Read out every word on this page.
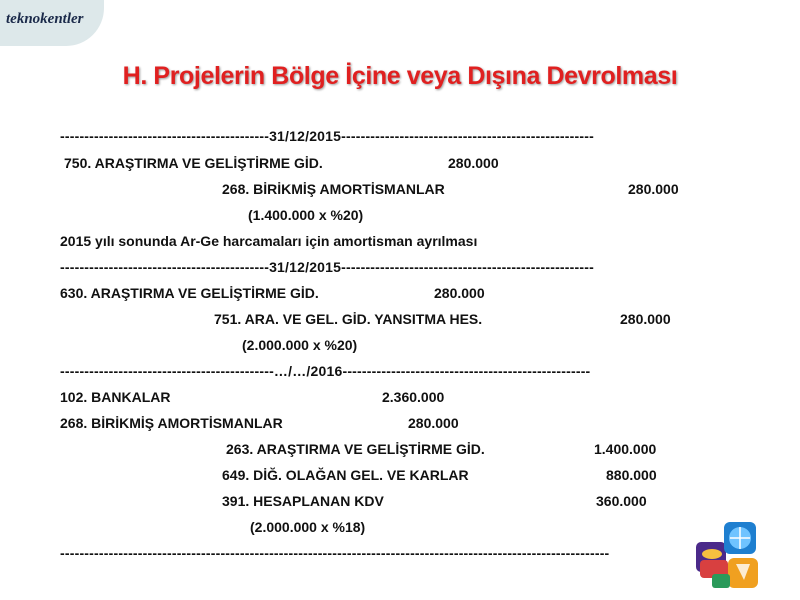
teknokentler
H. Projelerin Bölge İçine veya Dışına Devrolması
-------------------------------------------31/12/2015----------------------------------------------------
750. ARAŞTIRMA VE GELİŞTİRME GİD.	280.000
268. BİRİKMİŞ AMORTİSMANLAR	280.000
(1.400.000 x %20)
2015 yılı sonunda Ar-Ge harcamaları için amortisman ayrılması
-------------------------------------------31/12/2015----------------------------------------------------
630. ARAŞTIRMA VE GELİŞTİRME GİD.	280.000
751. ARA. VE GEL. GİD. YANSITMA HES.	280.000
(2.000.000 x %20)
--------------------------------------------…/…/2016---------------------------------------------------
102. BANKALAR	2.360.000
268. BİRİKMİŞ AMORTİSMANLAR	280.000
263. ARAŞTIRMA VE GELİŞTİRME GİD.	1.400.000
649. DİĞ. OLAĞAN GEL. VE KARLAR	880.000
391. HESAPLANAN KDV	360.000
(2.000.000 x %18)
-----------------------------------------------------------------------------------------------------------------
